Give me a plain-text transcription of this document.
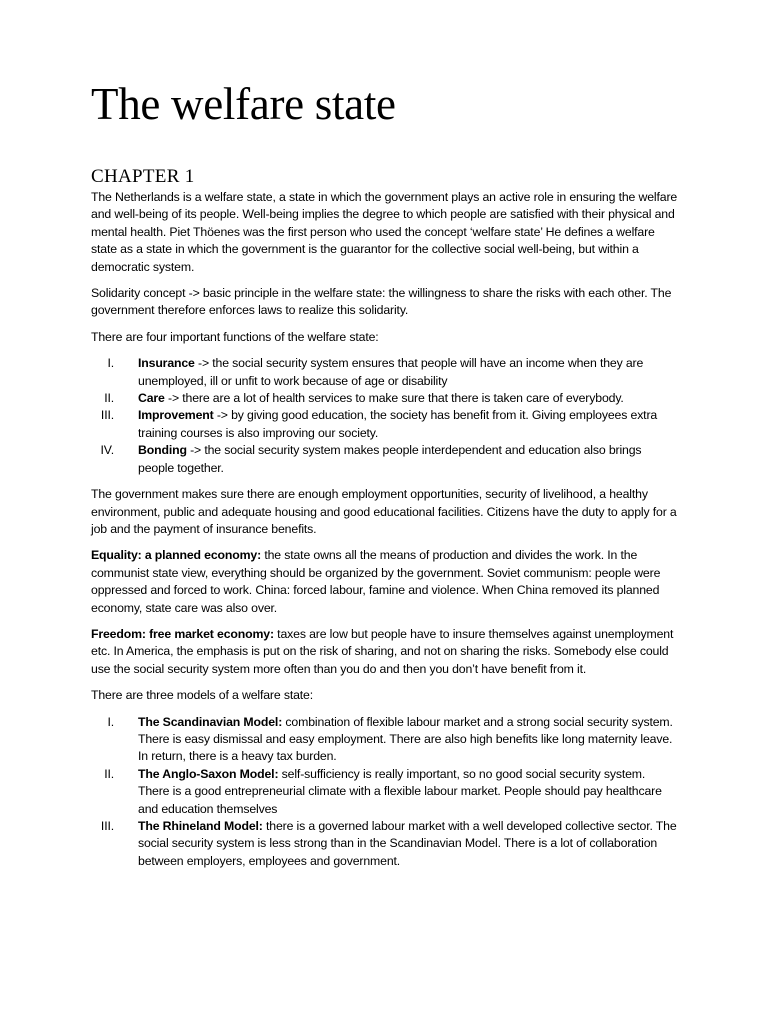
The welfare state
CHAPTER 1

The Netherlands is a welfare state, a state in which the government plays an active role in ensuring the welfare and well-being of its people. Well-being implies the degree to which people are satisfied with their physical and mental health. Piet Thöenes was the first person who used the concept ‘welfare state’ He defines a welfare state as a state in which the government is the guarantor for the collective social well-being, but within a democratic system.

Solidarity concept -> basic principle in the welfare state: the willingness to share the risks with each other. The government therefore enforces laws to realize this solidarity.

There are four important functions of the welfare state:

I. Insurance -> the social security system ensures that people will have an income when they are unemployed, ill or unfit to work because of age or disability
II. Care -> there are a lot of health services to make sure that there is taken care of everybody.
III. Improvement -> by giving good education, the society has benefit from it. Giving employees extra training courses is also improving our society.
IV. Bonding -> the social security system makes people interdependent and education also brings people together.

The government makes sure there are enough employment opportunities, security of livelihood, a healthy environment, public and adequate housing and good educational facilities. Citizens have the duty to apply for a job and the payment of insurance benefits.

Equality: a planned economy: the state owns all the means of production and divides the work. In the communist state view, everything should be organized by the government. Soviet communism: people were oppressed and forced to work. China: forced labour, famine and violence. When China removed its planned economy, state care was also over.

Freedom: free market economy: taxes are low but people have to insure themselves against unemployment etc. In America, the emphasis is put on the risk of sharing, and not on sharing the risks. Somebody else could use the social security system more often than you do and then you don’t have benefit from it.

There are three models of a welfare state:

I. The Scandinavian Model: combination of flexible labour market and a strong social security system. There is easy dismissal and easy employment. There are also high benefits like long maternity leave. In return, there is a heavy tax burden.
II. The Anglo-Saxon Model: self-sufficiency is really important, so no good social security system. There is a good entrepreneurial climate with a flexible labour market. People should pay healthcare and education themselves
III. The Rhineland Model: there is a governed labour market with a well developed collective sector. The social security system is less strong than in the Scandinavian Model. There is a lot of collaboration between employers, employees and government.
